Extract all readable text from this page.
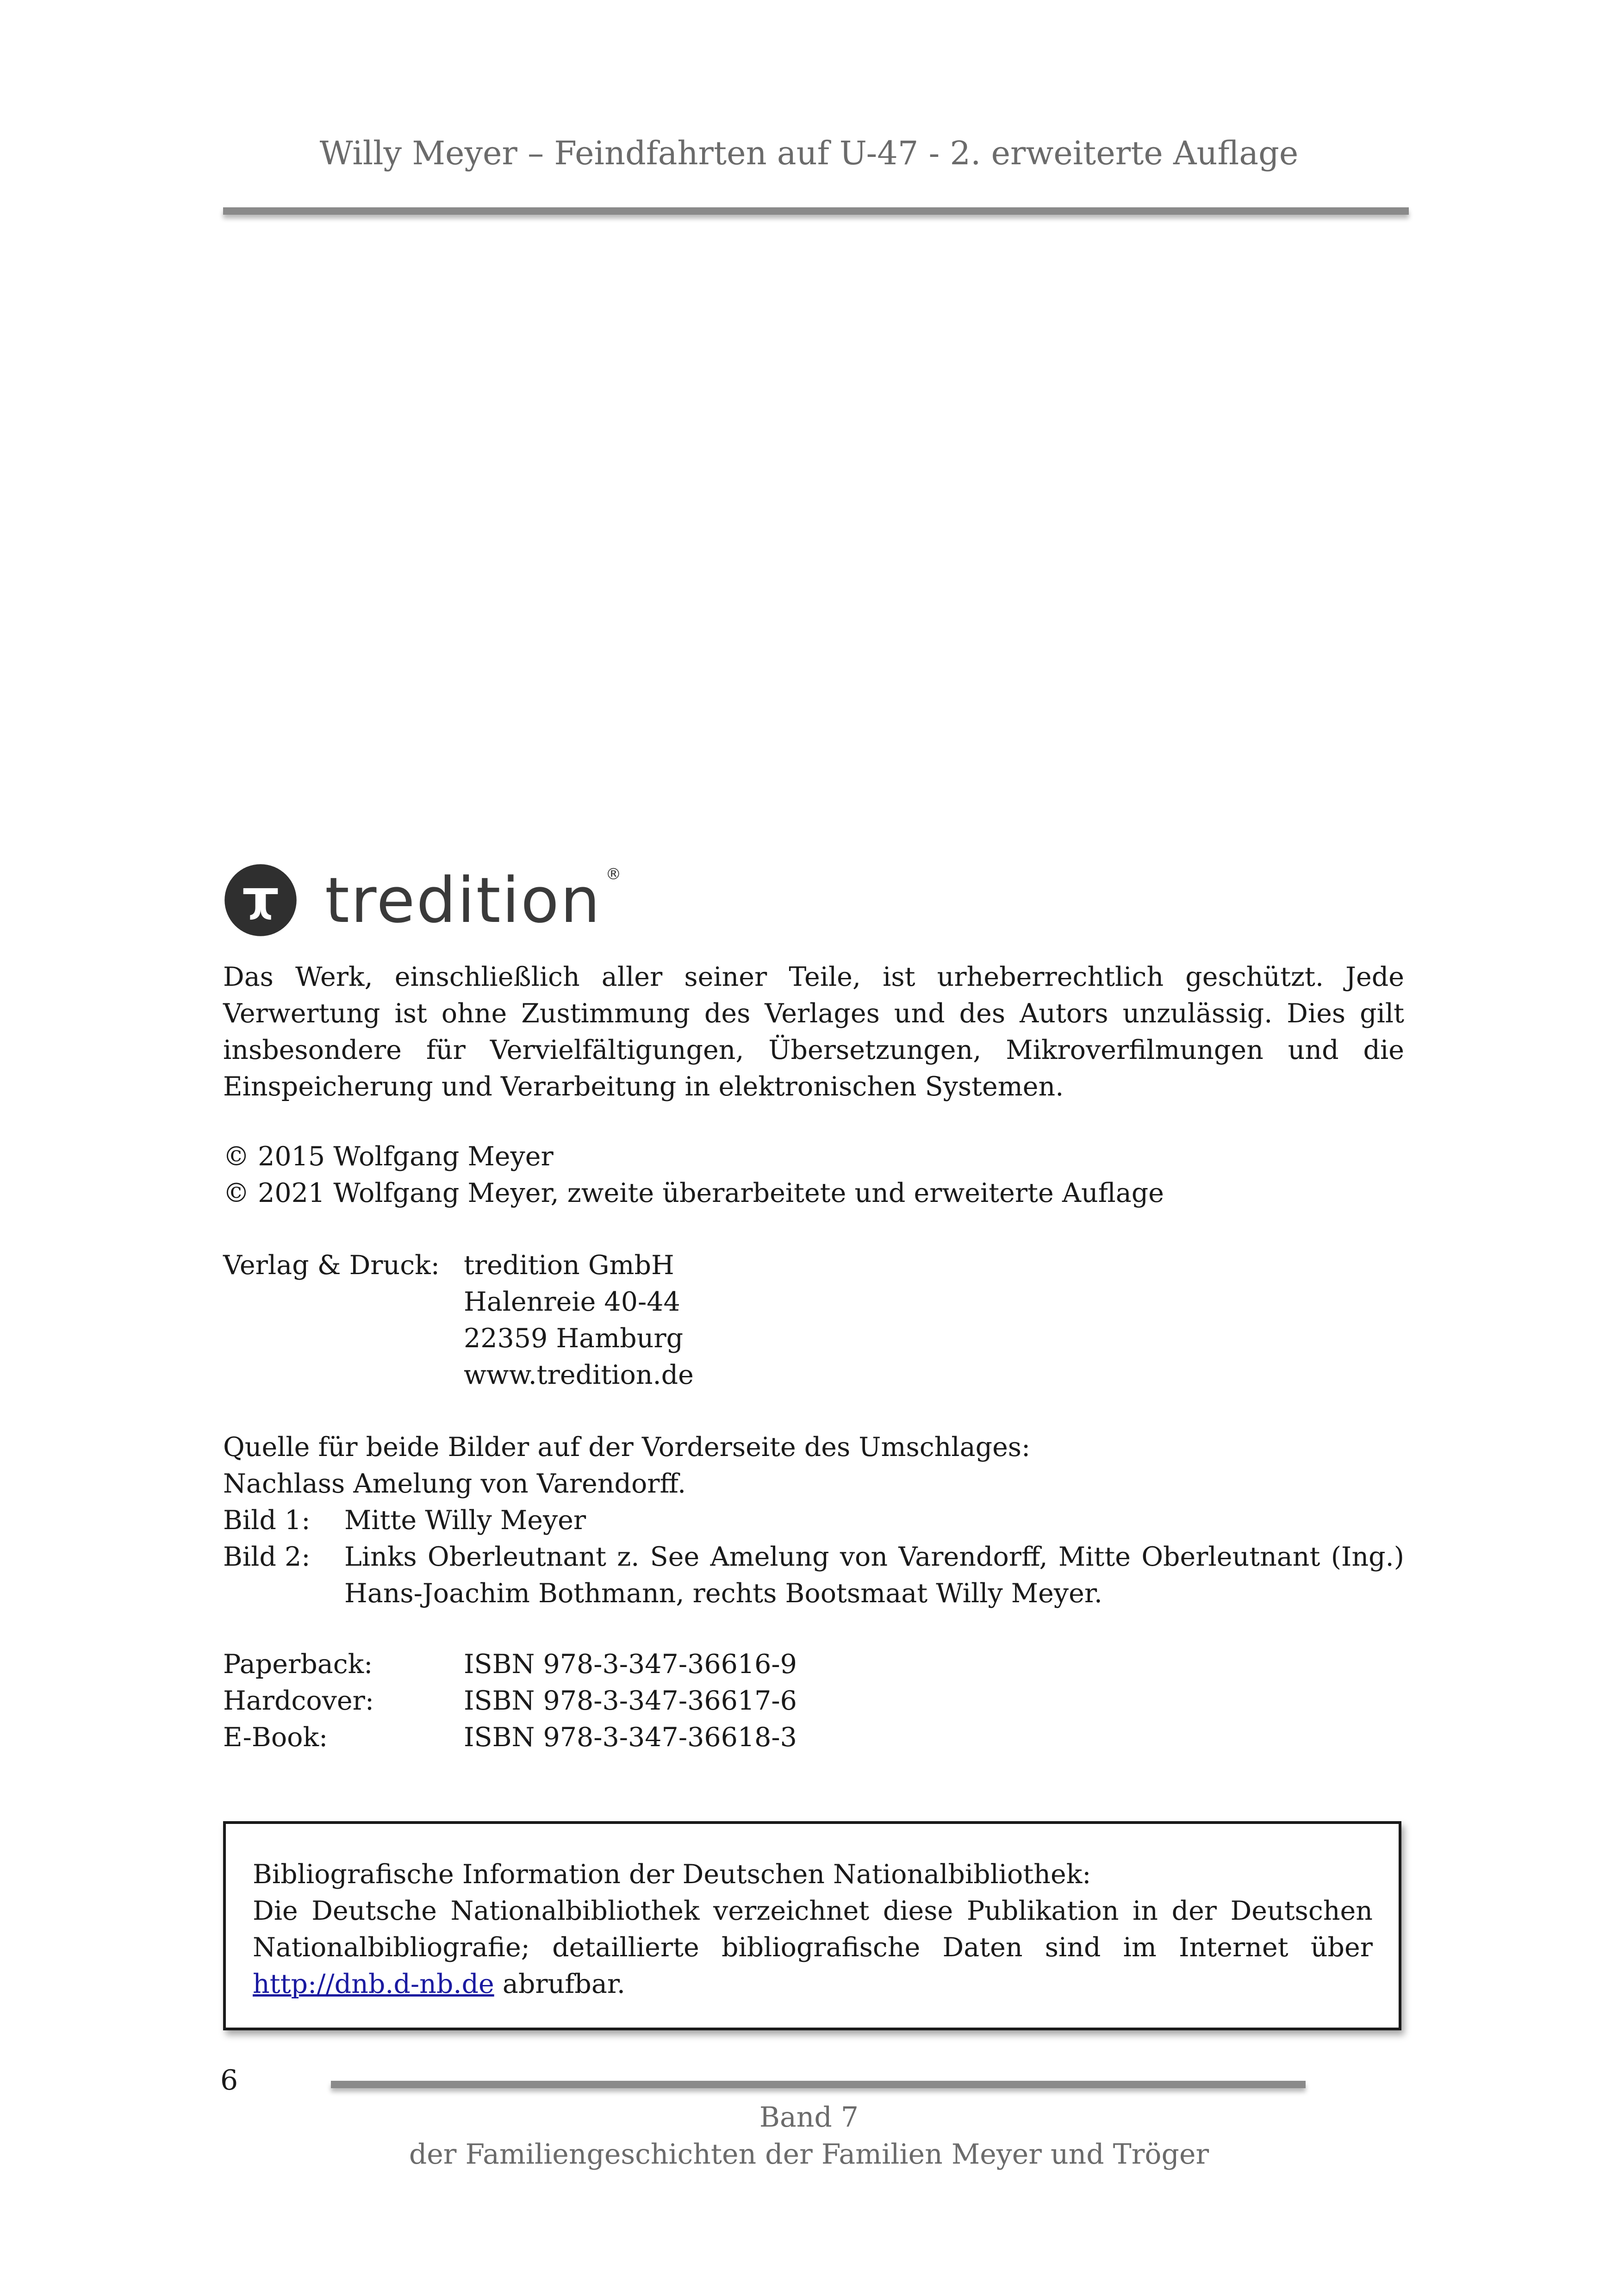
Willy Meyer – Feindfahrten auf U-47 - 2. erweiterte Auflage
tredition ®
Das Werk, einschließlich aller seiner Teile, ist urheberrechtlich geschützt. Jede Verwertung ist ohne Zustimmung des Verlages und des Autors unzulässig. Dies gilt insbesondere für Vervielfältigungen, Übersetzungen, Mikroverfilmungen und die Einspeicherung und Verarbeitung in elektronischen Systemen.
© 2015 Wolfgang Meyer
© 2021 Wolfgang Meyer, zweite überarbeitete und erweiterte Auflage
Verlag & Druck: tredition GmbH
Halenreie 40-44
22359 Hamburg
www.tredition.de
Quelle für beide Bilder auf der Vorderseite des Umschlages:
Nachlass Amelung von Varendorff.
Bild 1:	Mitte Willy Meyer
Bild 2:	Links Oberleutnant z. See Amelung von Varendorff, Mitte Oberleutnant (Ing.) Hans-Joachim Bothmann, rechts Bootsmaat Willy Meyer.
Paperback:	ISBN 978-3-347-36616-9
Hardcover:	ISBN 978-3-347-36617-6
E-Book:	ISBN 978-3-347-36618-3
Bibliografische Information der Deutschen Nationalbibliothek:
Die Deutsche Nationalbibliothek verzeichnet diese Publikation in der Deutschen Nationalbibliografie; detaillierte bibliografische Daten sind im Internet über http://dnb.d-nb.de abrufbar.
6
Band 7
der Familiengeschichten der Familien Meyer und Tröger
